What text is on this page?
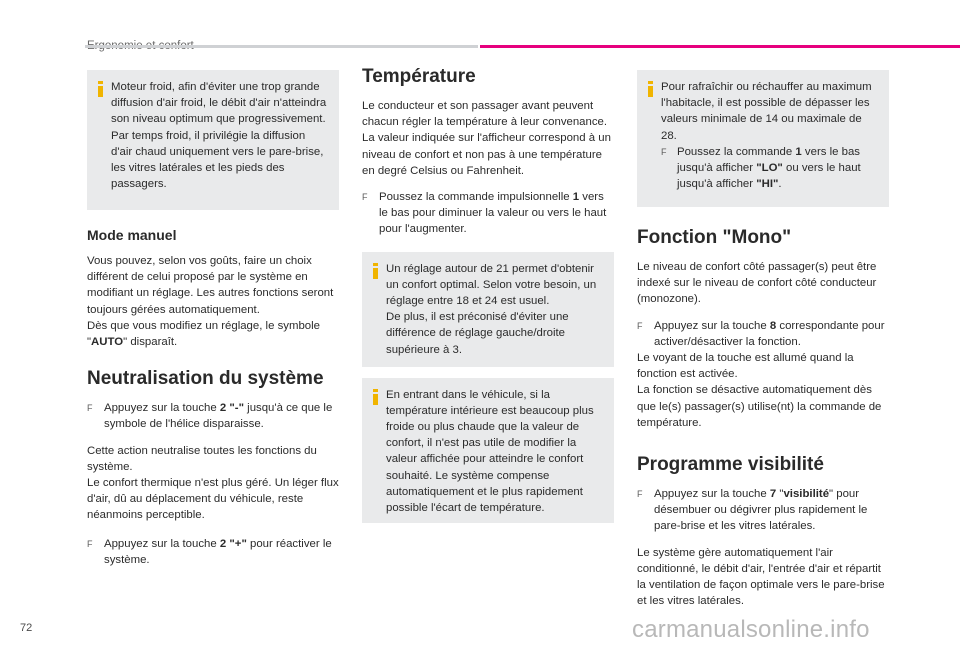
Moteur froid, afin d'éviter une trop grande diffusion d'air froid, le débit d'air n'atteindra son niveau optimum que progressivement.
Par temps froid, il privilégie la diffusion d'air chaud uniquement vers le pare-brise, les vitres latérales et les pieds des passagers.
Mode manuel
Vous pouvez, selon vos goûts, faire un choix différent de celui proposé par le système en modifiant un réglage. Les autres fonctions seront toujours gérées automatiquement.
Dès que vous modifiez un réglage, le symbole "AUTO" disparaît.
Neutralisation du système
F Appuyez sur la touche 2 "-" jusqu'à ce que le symbole de l'hélice disparaisse.
Cette action neutralise toutes les fonctions du système.
Le confort thermique n'est plus géré. Un léger flux d'air, dû au déplacement du véhicule, reste néanmoins perceptible.
F Appuyez sur la touche 2 "+" pour réactiver le système.
Température
Le conducteur et son passager avant peuvent chacun régler la température à leur convenance.
La valeur indiquée sur l'afficheur correspond à un niveau de confort et non pas à une température en degré Celsius ou Fahrenheit.
F Poussez la commande impulsionnelle 1 vers le bas pour diminuer la valeur ou vers le haut pour l'augmenter.
Un réglage autour de 21 permet d'obtenir un confort optimal. Selon votre besoin, un réglage entre 18 et 24 est usuel.
De plus, il est préconisé d'éviter une différence de réglage gauche/droite supérieure à 3.
En entrant dans le véhicule, si la température intérieure est beaucoup plus froide ou plus chaude que la valeur de confort, il n'est pas utile de modifier la valeur affichée pour atteindre le confort souhaité. Le système compense automatiquement et le plus rapidement possible l'écart de température.
Pour rafraîchir ou réchauffer au maximum l'habitacle, il est possible de dépasser les valeurs minimale de 14 ou maximale de 28.
F Poussez la commande 1 vers le bas jusqu'à afficher "LO" ou vers le haut jusqu'à afficher "HI".
Fonction "Mono"
Le niveau de confort côté passager(s) peut être indexé sur le niveau de confort côté conducteur (monozone).
F Appuyez sur la touche 8 correspondante pour activer/désactiver la fonction.
Le voyant de la touche est allumé quand la fonction est activée.
La fonction se désactive automatiquement dès que le(s) passager(s) utilise(nt) la commande de température.
Programme visibilité
F Appuyez sur la touche 7 "visibilité" pour désembuer ou dégivrer plus rapidement le pare-brise et les vitres latérales.
Le système gère automatiquement l'air conditionné, le débit d'air, l'entrée d'air et répartit la ventilation de façon optimale vers le pare-brise et les vitres latérales.
72	carmanualsonline.info
